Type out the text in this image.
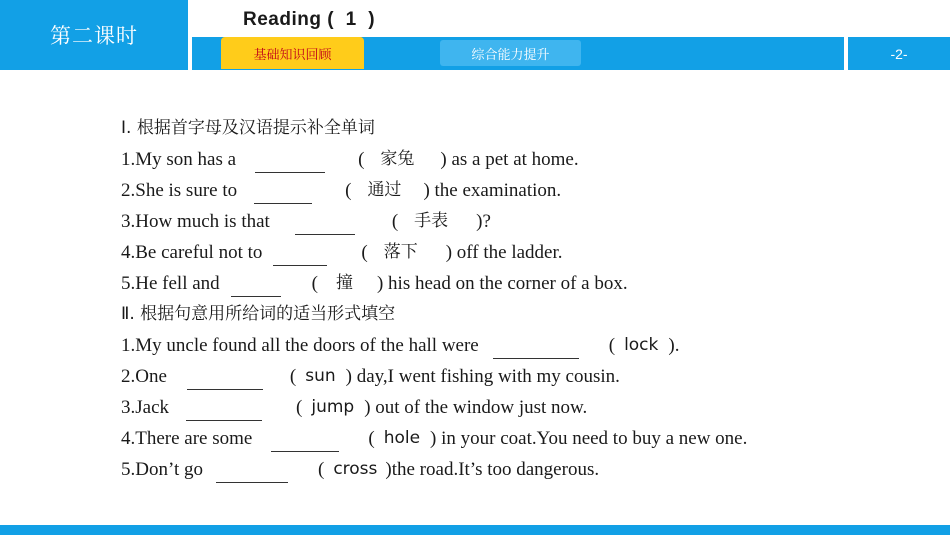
第二课时
Reading (  1  )
基础知识回顾	综合能力提升	-2-
Ⅰ. 根据首字母及汉语提示补全单词
1.My son has a	( 家兔 ) as a pet at home.
2.She is sure to	( 通过 ) the examination.
3.How much is that	( 手表 )?
4.Be careful not to	( 落下 ) off the ladder.
5.He fell and	( 撞 ) his head on the corner of a box.
Ⅱ. 根据句意用所给词的适当形式填空
1.My uncle found all the doors of the hall were	( lock ).
2.One	( sun ) day,I went fishing with my cousin.
3.Jack	( jump ) out of the window just now.
4.There are some	( hole ) in your coat.You need to buy a new one.
5.Don’t go	( cross )the road.It’s too dangerous.
